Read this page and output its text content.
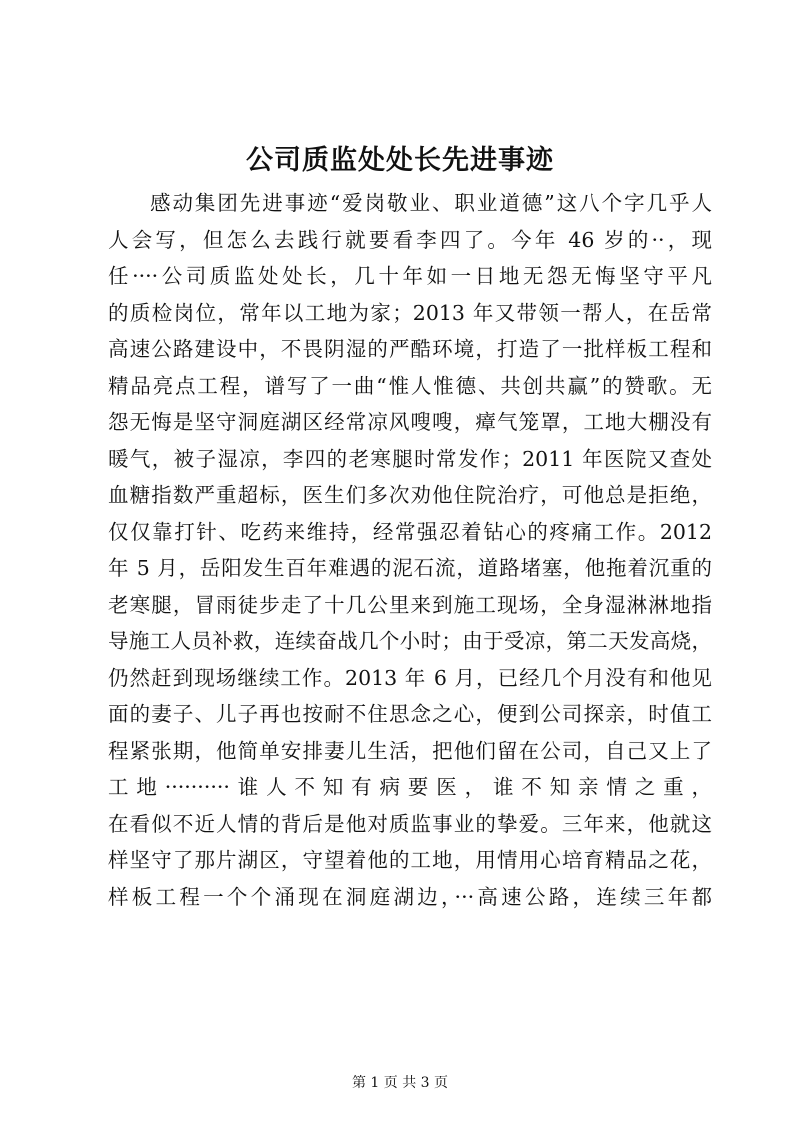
公司质监处处长先进事迹
感动集团先进事迹“爱岗敬业、职业道德”这八个字几乎人
人会写，但怎么去践行就要看李四了。今年 46 岁的··，现
任····公司质监处处长，几十年如一日地无怨无悔坚守平凡
的质检岗位，常年以工地为家；2013 年又带领一帮人，在岳常
高速公路建设中，不畏阴湿的严酷环境，打造了一批样板工程和
精品亮点工程，谱写了一曲“惟人惟德、共创共赢”的赞歌。无
怨无悔是坚守洞庭湖区经常凉风嗖嗖，瘴气笼罩，工地大棚没有
暖气，被子湿凉，李四的老寒腿时常发作；2011 年医院又查处
血糖指数严重超标，医生们多次劝他住院治疗，可他总是拒绝，
仅仅靠打针、吃药来维持，经常强忍着钻心的疼痛工作。2012
年 5 月，岳阳发生百年难遇的泥石流，道路堵塞，他拖着沉重的
老寒腿，冒雨徒步走了十几公里来到施工现场，全身湿淋淋地指
导施工人员补救，连续奋战几个小时；由于受凉，第二天发高烧，
仍然赶到现场继续工作。2013 年 6 月，已经几个月没有和他见
面的妻子、儿子再也按耐不住思念之心，便到公司探亲，时值工
程紧张期，他简单安排妻儿生活，把他们留在公司，自己又上了
工地··········谁人不知有病要医，谁不知亲情之重，
在看似不近人情的背后是他对质监事业的挚爱。三年来，他就这
样坚守了那片湖区，守望着他的工地，用情用心培育精品之花，
样板工程一个个涌现在洞庭湖边，···高速公路，连续三年都
第 1 页 共 3 页
